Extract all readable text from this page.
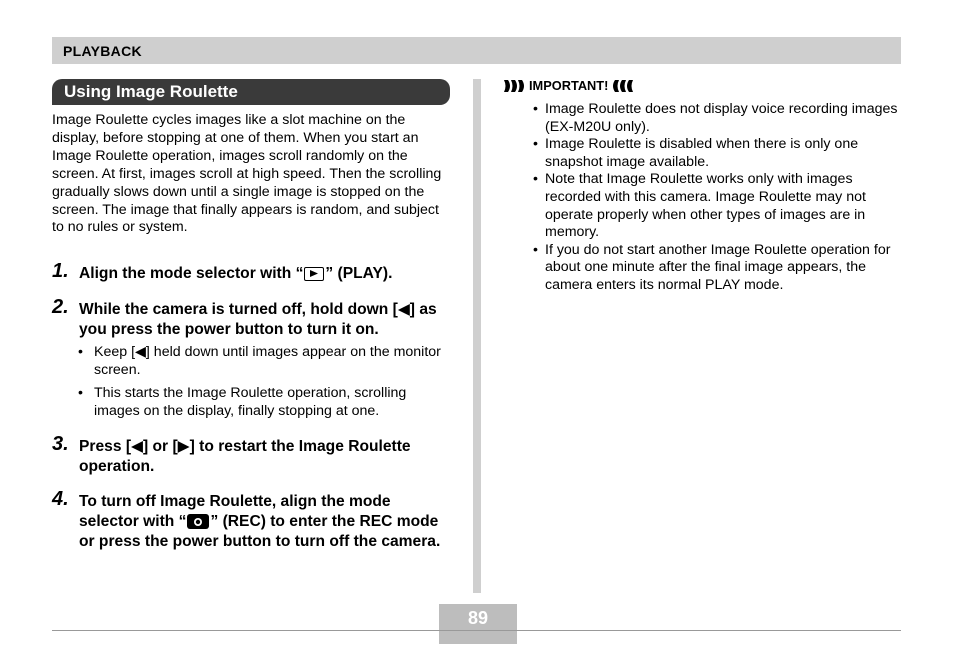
PLAYBACK
Using Image Roulette

Image Roulette cycles images like a slot machine on the display, before stopping at one of them. When you start an Image Roulette operation, images scroll randomly on the screen. At first, images scroll at high speed. Then the scrolling gradually slows down until a single image is stopped on the screen. The image that finally appears is random, and subject to no rules or system.

1. Align the mode selector with “ ” (PLAY).
2. While the camera is turned off, hold down [◀] as you press the power button to turn it on.
• Keep [◀] held down until images appear on the monitor screen.
• This starts the Image Roulette operation, scrolling images on the display, finally stopping at one.
3. Press [◀] or [▶] to restart the Image Roulette operation.
4. To turn off Image Roulette, align the mode selector with “ ” (REC) to enter the REC mode or press the power button to turn off the camera.
IMPORTANT!
• Image Roulette does not display voice recording images (EX-M20U only).
• Image Roulette is disabled when there is only one snapshot image available.
• Note that Image Roulette works only with images recorded with this camera. Image Roulette may not operate properly when other types of images are in memory.
• If you do not start another Image Roulette operation for about one minute after the final image appears, the camera enters its normal PLAY mode.
89
